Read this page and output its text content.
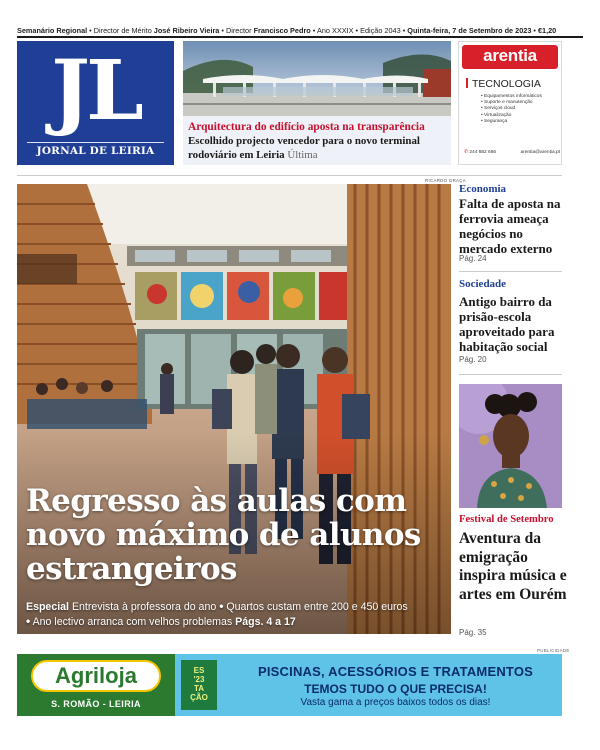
Semanário Regional • Director de Mérito José Ribeiro Vieira • Director Francisco Pedro • Ano XXXIX • Edição 2043 • Quinta-feira, 7 de Setembro de 2023 • €1,20
JL
JORNAL DE LEIRIA
Arquitectura do edifício aposta na transparência
Escolhido projecto vencedor para o novo terminal rodoviário em Leiria Última
arentia
TECNOLOGIA
• Equipamentos informáticos
• Suporte e manutenção
• Serviços cloud
• Virtualização
• Segurança
✆ 244 882 666	arentia@arentia.pt
RICARDO GRAÇA
Regresso às aulas com novo máximo de alunos estrangeiros
Especial Entrevista à professora do ano • Quartos custam entre 200 e 450 euros
• Ano lectivo arranca com velhos problemas Págs. 4 a 17
Economia
Falta de aposta na ferrovia ameaça negócios no mercado externo
Pág. 24
Sociedade
Antigo bairro da prisão-escola aproveitado para habitação social
Pág. 20
Festival de Setembro
Aventura da emigração inspira música e artes em Ourém
Pág. 35
PUBLICIDADE
Agriloja
S. ROMÃO - LEIRIA
ES
'23
TA
ÇÃO
PISCINAS, ACESSÓRIOS E TRATAMENTOS
TEMOS TUDO O QUE PRECISA!
Vasta gama a preços baixos todos os dias!
